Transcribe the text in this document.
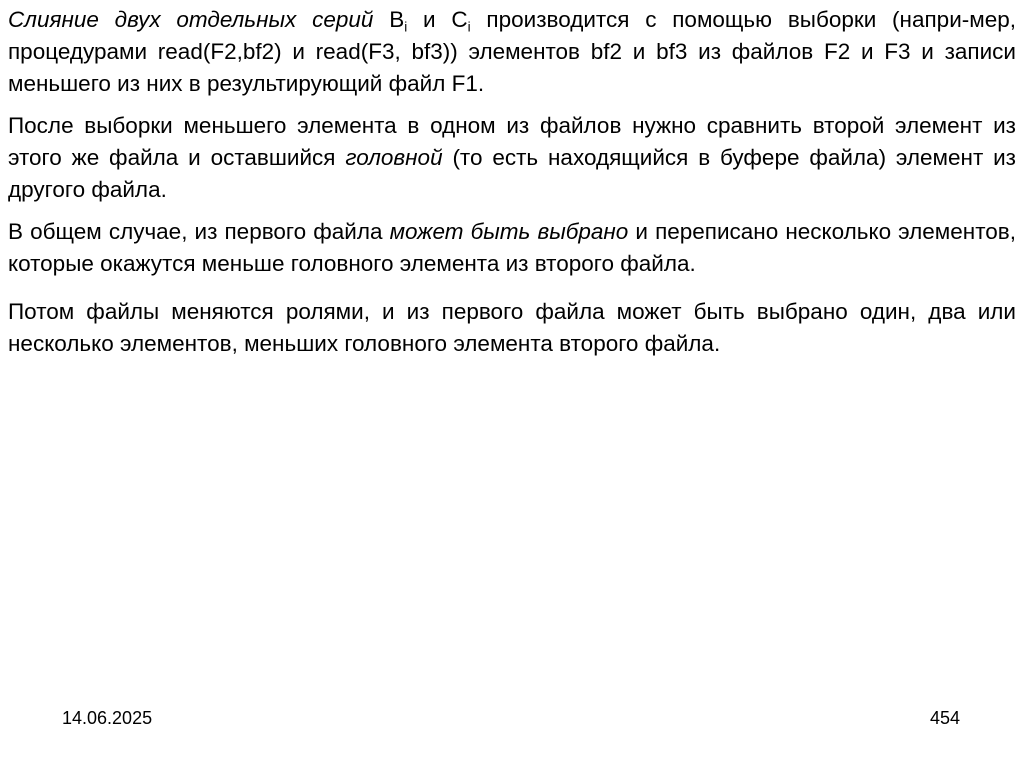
Слияние двух отдельных серий $B_i$ и $C_i$ производится с помощью выборки (напри-мер, процедурами read(F2,bf2) и read(F3, bf3)) элементов bf2 и bf3 из файлов F2 и F3 и записи меньшего из них в результирующий файл F1.

После выборки меньшего элемента в одном из файлов нужно сравнить второй элемент из этого же файла и оставшийся головной (то есть находящийся в буфере файла) элемент из другого файла.

В общем случае, из первого файла может быть выбрано и переписано несколько элементов, которые окажутся меньше головного элемента из второго файла.

Потом файлы меняются ролями, и из первого файла может быть выбрано один, два или несколько элементов, меньших головного элемента второго файла.

14.06.2025	454
